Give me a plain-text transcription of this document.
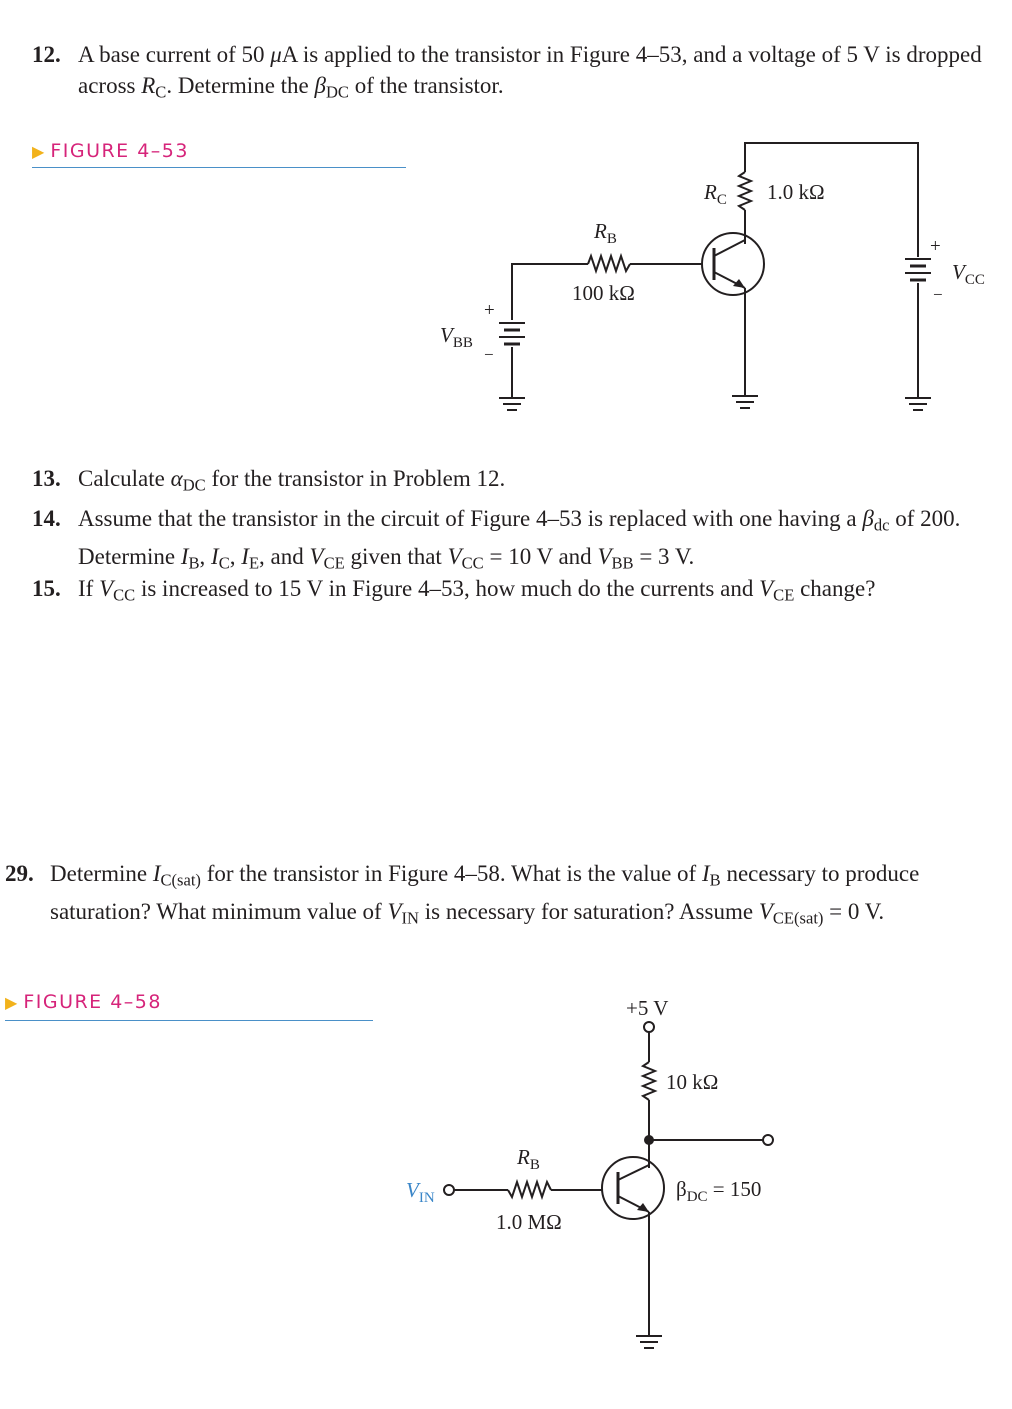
12. A base current of 50 μA is applied to the transistor in Figure 4–53, and a voltage of 5 V is dropped across $R_C$. Determine the $\beta_{DC}$ of the transistor.
▶ FIGURE 4–53
$R_C$ 1.0 kΩ
$R_B$
100 kΩ
$V_{BB}$
+
−
+
−
$V_{CC}$
13. Calculate $\alpha_{DC}$ for the transistor in Problem 12.
14. Assume that the transistor in the circuit of Figure 4–53 is replaced with one having a $\beta_{dc}$ of 200. Determine $I_B$, $I_C$, $I_E$, and $V_{CE}$ given that $V_{CC} = 10$ V and $V_{BB} = 3$ V.
15. If $V_{CC}$ is increased to 15 V in Figure 4–53, how much do the currents and $V_{CE}$ change?
29. Determine $I_{C(sat)}$ for the transistor in Figure 4–58. What is the value of $I_B$ necessary to produce saturation? What minimum value of $V_{IN}$ is necessary for saturation? Assume $V_{CE(sat)} = 0$ V.
▶ FIGURE 4–58	+5 V
10 kΩ
$R_B$
1.0 MΩ
$V_{IN}$	$\beta_{DC} = 150$
